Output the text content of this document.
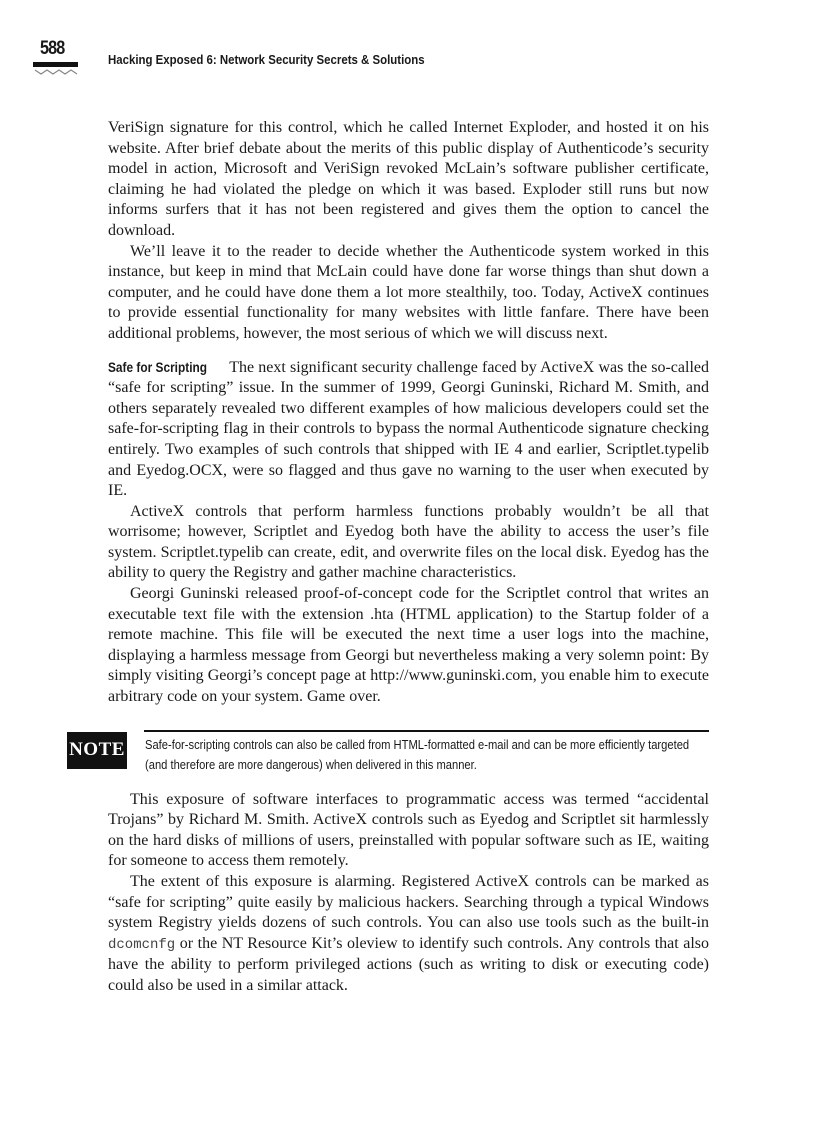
588
Hacking Exposed 6: Network Security Secrets & Solutions

VeriSign signature for this control, which he called Internet Exploder, and hosted it on his website. After brief debate about the merits of this public display of Authenticode’s security model in action, Microsoft and VeriSign revoked McLain’s software publisher certificate, claiming he had violated the pledge on which it was based. Exploder still runs but now informs surfers that it has not been registered and gives them the option to cancel the download.

We’ll leave it to the reader to decide whether the Authenticode system worked in this instance, but keep in mind that McLain could have done far worse things than shut down a computer, and he could have done them a lot more stealthily, too. Today, ActiveX continues to provide essential functionality for many websites with little fanfare. There have been additional problems, however, the most serious of which we will discuss next.

Safe for Scripting The next significant security challenge faced by ActiveX was the so-called “safe for scripting” issue. In the summer of 1999, Georgi Guninski, Richard M. Smith, and others separately revealed two different examples of how malicious developers could set the safe-for-scripting flag in their controls to bypass the normal Authenticode signature checking entirely. Two examples of such controls that shipped with IE 4 and earlier, Scriptlet.typelib and Eyedog.OCX, were so flagged and thus gave no warning to the user when executed by IE.

ActiveX controls that perform harmless functions probably wouldn’t be all that worrisome; however, Scriptlet and Eyedog both have the ability to access the user’s file system. Scriptlet.typelib can create, edit, and overwrite files on the local disk. Eyedog has the ability to query the Registry and gather machine characteristics.

Georgi Guninski released proof-of-concept code for the Scriptlet control that writes an executable text file with the extension .hta (HTML application) to the Startup folder of a remote machine. This file will be executed the next time a user logs into the machine, displaying a harmless message from Georgi but nevertheless making a very solemn point: By simply visiting Georgi’s concept page at http://www.guninski.com, you enable him to execute arbitrary code on your system. Game over.

NOTE Safe-for-scripting controls can also be called from HTML-formatted e-mail and can be more efficiently targeted (and therefore are more dangerous) when delivered in this manner.

This exposure of software interfaces to programmatic access was termed “accidental Trojans” by Richard M. Smith. ActiveX controls such as Eyedog and Scriptlet sit harmlessly on the hard disks of millions of users, preinstalled with popular software such as IE, waiting for someone to access them remotely.

The extent of this exposure is alarming. Registered ActiveX controls can be marked as “safe for scripting” quite easily by malicious hackers. Searching through a typical Windows system Registry yields dozens of such controls. You can also use tools such as the built-in dcomcnfg or the NT Resource Kit’s oleview to identify such controls. Any controls that also have the ability to perform privileged actions (such as writing to disk or executing code) could also be used in a similar attack.
